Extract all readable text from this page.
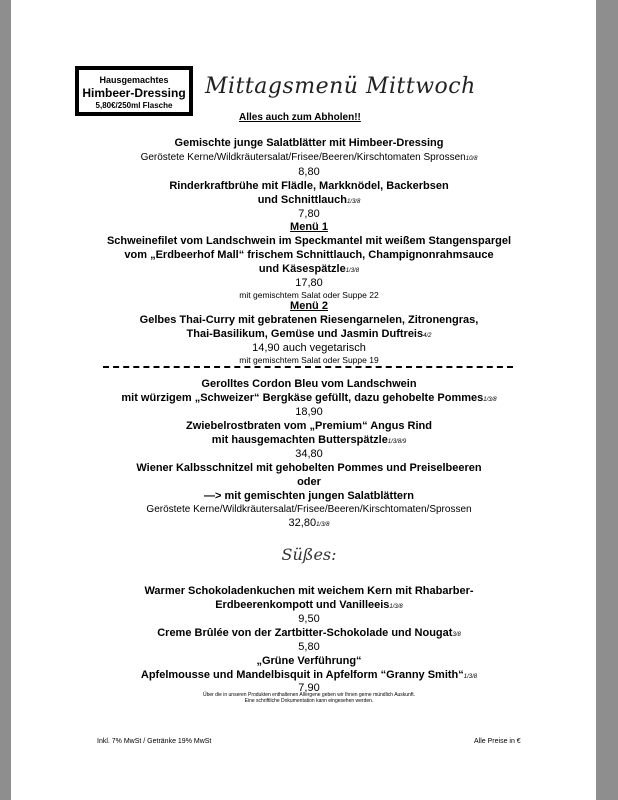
Hausgemachtes
Himbeer-Dressing
5,80€/250ml Flasche
Mittagsmenü Mittwoch
Alles auch zum Abholen!!
Gemischte junge Salatblätter mit Himbeer-Dressing
Geröstete Kerne/Wildkräutersalat/Frisee/Beeren/Kirschtomaten Sprossen10/8
8,80
Rinderkraftbrühe mit Flädle, Markknödel, Backerbsen
und Schnittlauch1/3/8
7,80
Menü 1
Schweinefilet vom Landschwein im Speckmantel mit weißem Stangenspargel
vom „Erdbeerhof Mall“ frischem Schnittlauch, Champignonrahmsauce
und Käsespätzle1/3/8
17,80
mit gemischtem Salat oder Suppe 22
Menü 2
Gelbes Thai-Curry mit gebratenen Riesengarnelen, Zitronengras,
Thai-Basilikum, Gemüse und Jasmin Duftreis4/2
14,90 auch vegetarisch
mit gemischtem Salat oder Suppe 19
Gerolltes Cordon Bleu vom Landschwein
mit würzigem „Schweizer“ Bergkäse gefüllt, dazu gehobelte Pommes1/3/8
18,90
Zwiebelrostbraten vom „Premium“ Angus Rind
mit hausgemachten Butterspätzle1/3/8/9
34,80
Wiener Kalbsschnitzel mit gehobelten Pommes und Preiselbeeren
oder
—> mit gemischten jungen Salatblättern
Geröstete Kerne/Wildkräutersalat/Frisee/Beeren/Kirschtomaten/Sprossen
32,801/3/8
Süßes:
Warmer Schokoladenkuchen mit weichem Kern mit Rhabarber-
Erdbeerenkompott und Vanilleeis1/3/8
9,50
Creme Brûlée von der Zartbitter-Schokolade und Nougat3/8
5,80
„Grüne Verführung“
Apfelmousse und Mandelbisquit in Apfelform “Granny Smith“1/3/8
7,90
Über die in unseren Produkten enthaltenen Allergene geben wir Ihnen gerne mündlich Auskunft.
Eine schriftliche Dokumentation kann eingesehen werden.
Inkl. 7% MwSt / Getränke 19% MwSt	Alle Preise in €
